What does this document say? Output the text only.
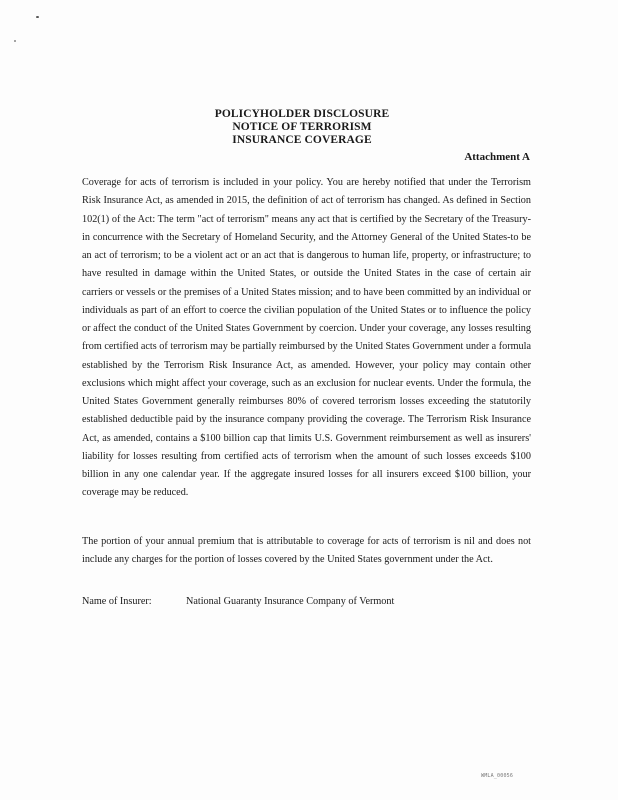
POLICYHOLDER DISCLOSURE
NOTICE OF TERRORISM
INSURANCE COVERAGE
Attachment A

Coverage for acts of terrorism is included in your policy. You are hereby notified that under the Terrorism Risk Insurance Act, as amended in 2015, the definition of act of terrorism has changed. As defined in Section 102(1) of the Act: The term "act of terrorism" means any act that is certified by the Secretary of the Treasury-in concurrence with the Secretary of Homeland Security, and the Attorney General of the United States-to be an act of terrorism; to be a violent act or an act that is dangerous to human life, property, or infrastructure; to have resulted in damage within the United States, or outside the United States in the case of certain air carriers or vessels or the premises of a United States mission; and to have been committed by an individual or individuals as part of an effort to coerce the civilian population of the United States or to influence the policy or affect the conduct of the United States Government by coercion. Under your coverage, any losses resulting from certified acts of terrorism may be partially reimbursed by the United States Government under a formula established by the Terrorism Risk Insurance Act, as amended. However, your policy may contain other exclusions which might affect your coverage, such as an exclusion for nuclear events. Under the formula, the United States Government generally reimburses 80% of covered terrorism losses exceeding the statutorily established deductible paid by the insurance company providing the coverage. The Terrorism Risk Insurance Act, as amended, contains a $100 billion cap that limits U.S. Government reimbursement as well as insurers' liability for losses resulting from certified acts of terrorism when the amount of such losses exceeds $100 billion in any one calendar year. If the aggregate insured losses for all insurers exceed $100 billion, your coverage may be reduced.

The portion of your annual premium that is attributable to coverage for acts of terrorism is nil and does not include any charges for the portion of losses covered by the United States government under the Act.

Name of Insurer:	National Guaranty Insurance Company of Vermont
WMLA_00056
